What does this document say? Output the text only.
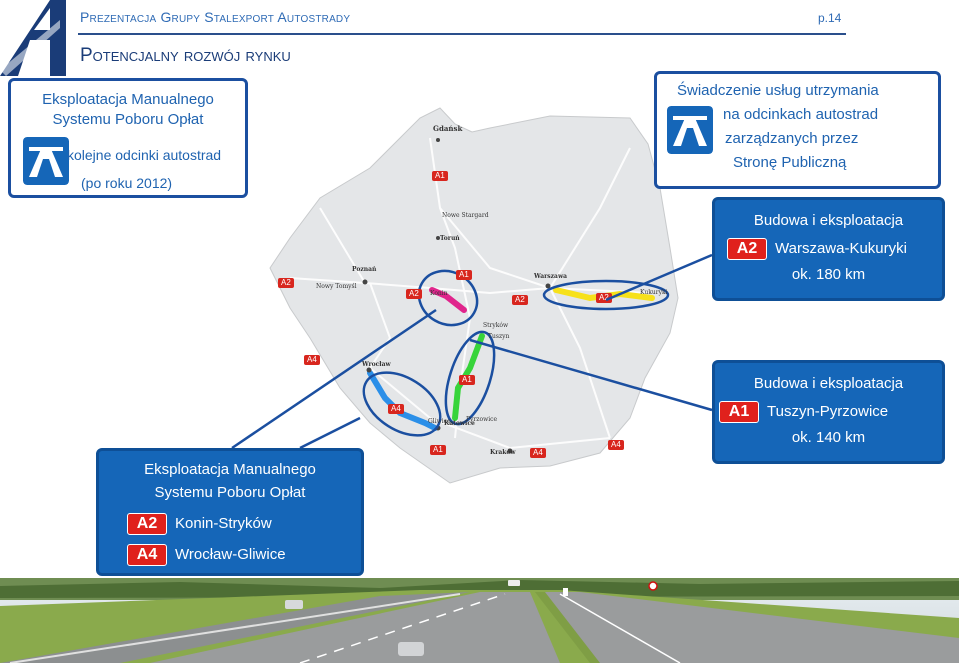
Prezentacja Grupy Stalexport Autostrady	p.14
Potencjalny rozwój rynku
Gdańsk
Toruń
Poznań
Warszawa
Wrocław
Katowice
Kraków
Nowe Stargard
Nowy Tomyśl
Stryków
Konin
Tuszyn
Gliwice	Pyrzowice
Kukuryki
A1
A2
A2
A1
A2	A2
A4
A4
A1
A1	A4
A4
Eksploatacja Manualnego
Systemu Poboru Opłat
kolejne odcinki autostrad
(po roku 2012)
Świadczenie usług utrzymania
na odcinkach autostrad
zarządzanych przez
Stronę Publiczną
Budowa i eksploatacja
A2	Warszawa-Kukuryki
ok. 180 km
Budowa i eksploatacja
A1	Tuszyn-Pyrzowice
ok. 140 km
Eksploatacja Manualnego
Systemu Poboru Opłat
A2	Konin-Stryków
A4	Wrocław-Gliwice
